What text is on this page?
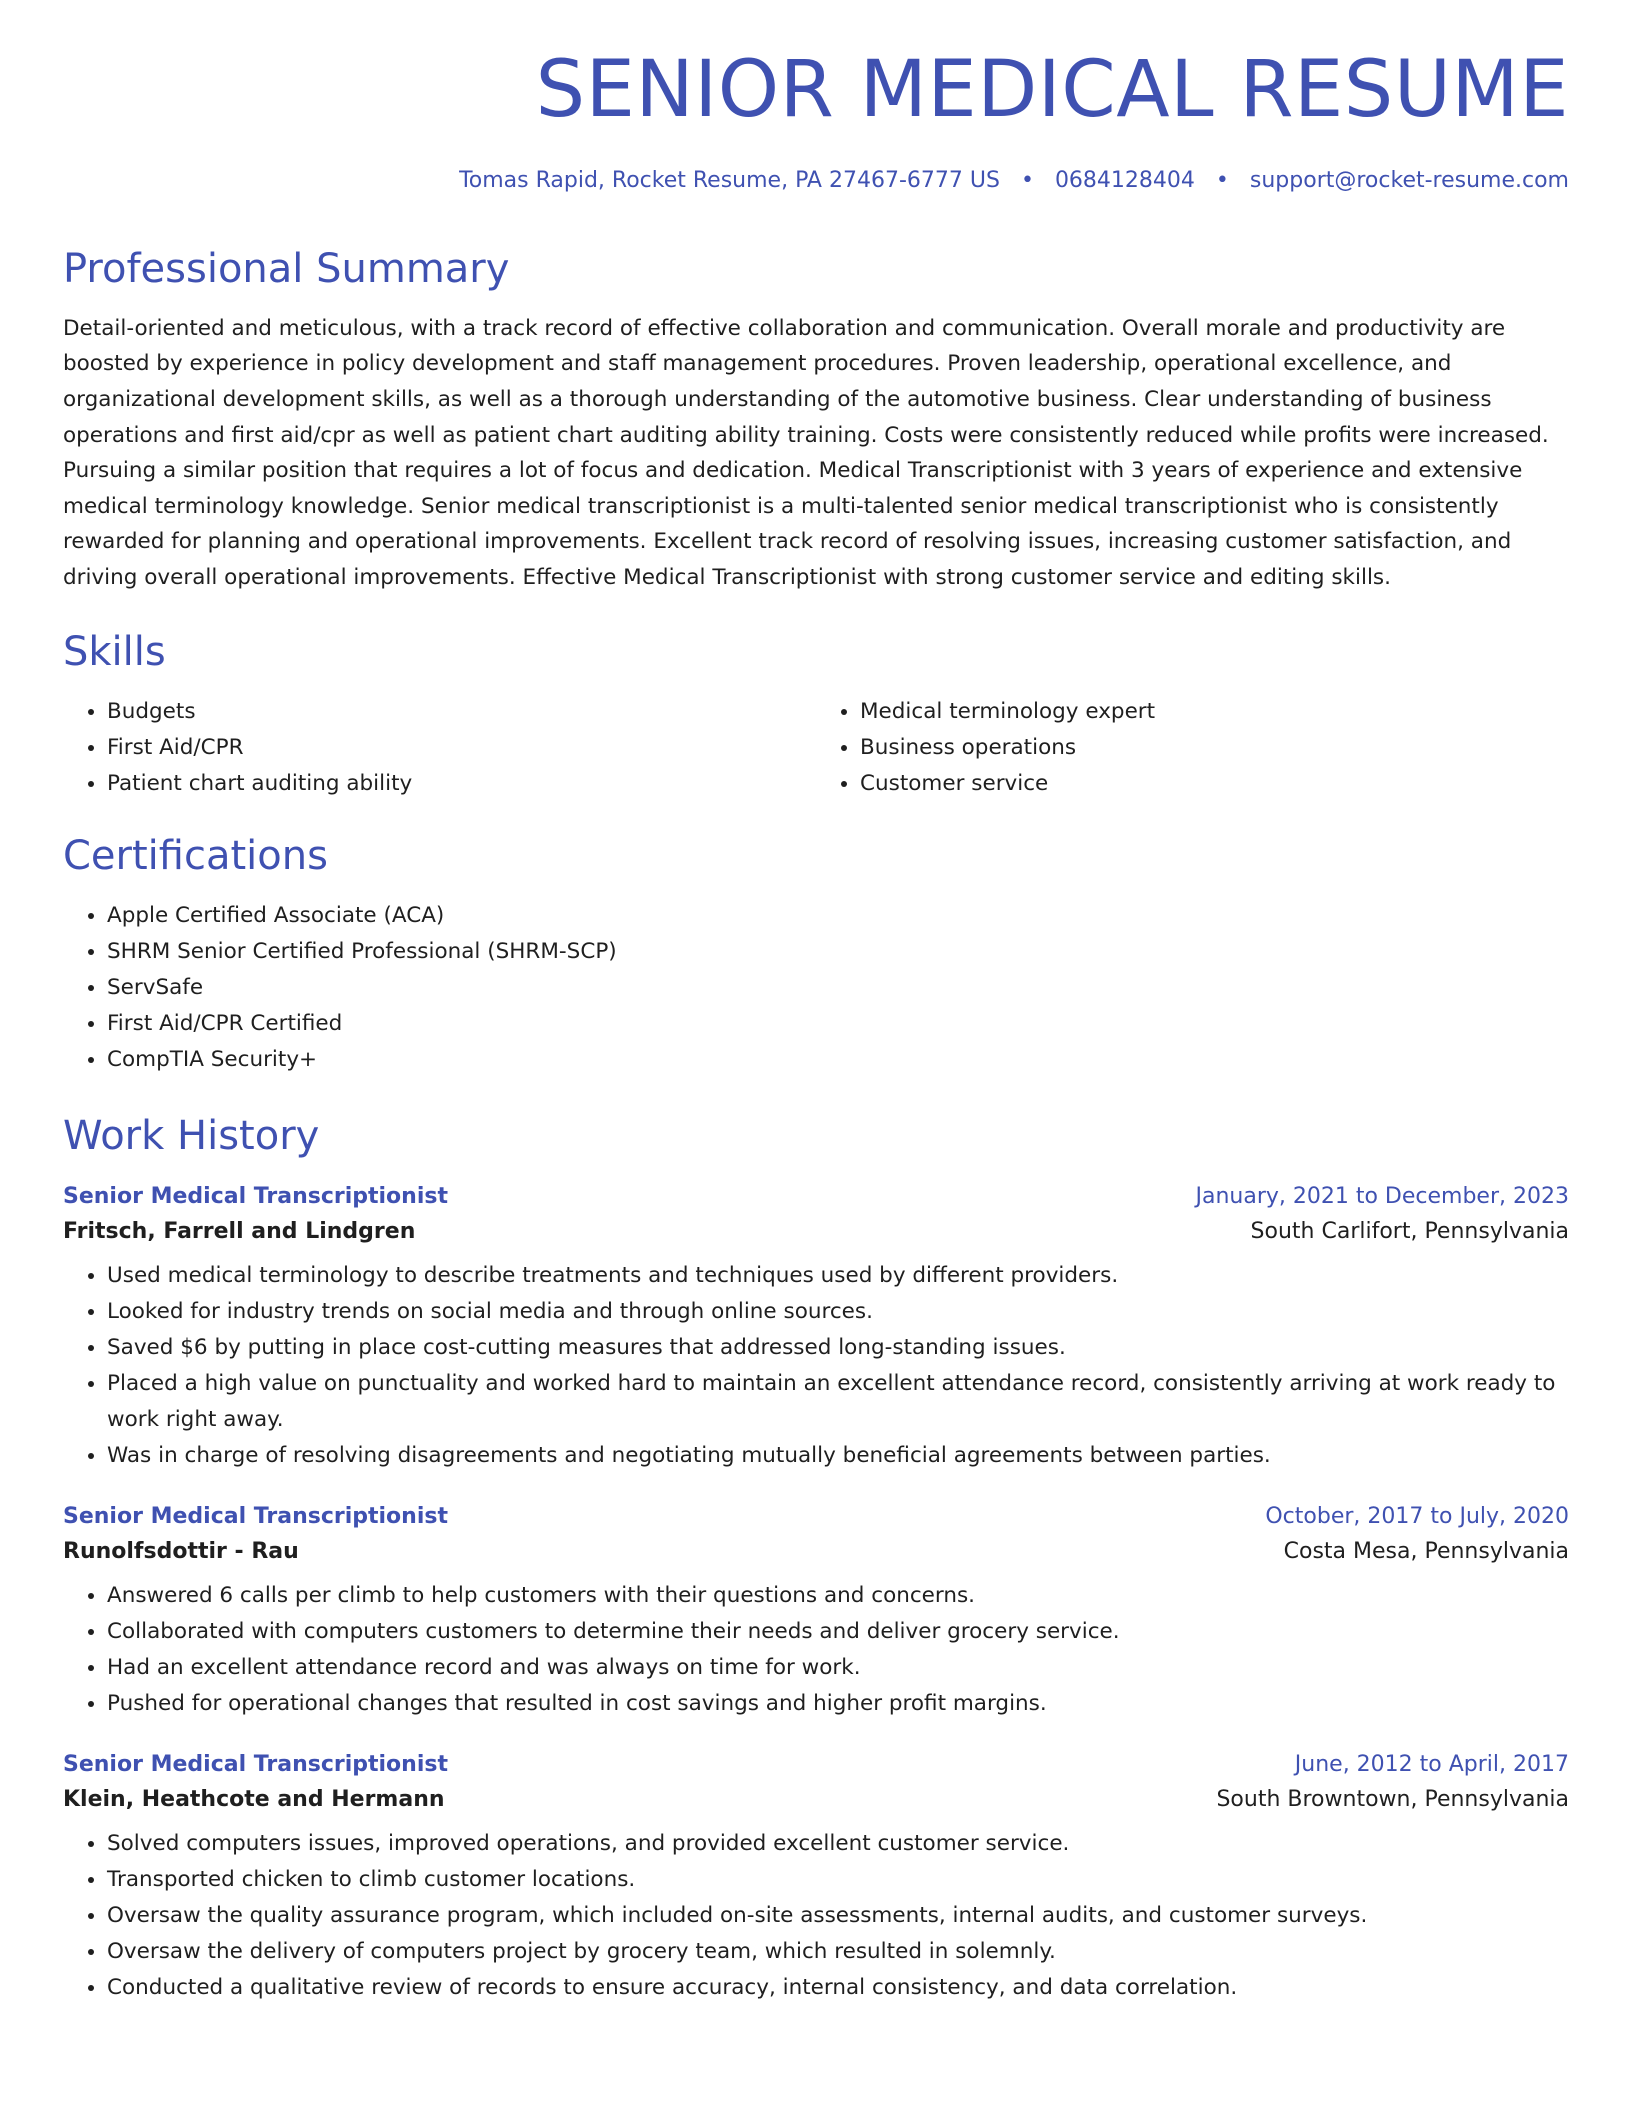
SENIOR MEDICAL RESUME
Tomas Rapid, Rocket Resume, PA 27467-6777 US • 0684128404 • support@rocket-resume.com
Professional Summary
Detail-oriented and meticulous, with a track record of effective collaboration and communication. Overall morale and productivity are boosted by experience in policy development and staff management procedures. Proven leadership, operational excellence, and organizational development skills, as well as a thorough understanding of the automotive business. Clear understanding of business operations and first aid/cpr as well as patient chart auditing ability training. Costs were consistently reduced while profits were increased. Pursuing a similar position that requires a lot of focus and dedication. Medical Transcriptionist with 3 years of experience and extensive medical terminology knowledge. Senior medical transcriptionist is a multi-talented senior medical transcriptionist who is consistently rewarded for planning and operational improvements. Excellent track record of resolving issues, increasing customer satisfaction, and driving overall operational improvements. Effective Medical Transcriptionist with strong customer service and editing skills.
Skills
• Budgets
• First Aid/CPR
• Patient chart auditing ability
• Medical terminology expert
• Business operations
• Customer service
Certifications
• Apple Certified Associate (ACA)
• SHRM Senior Certified Professional (SHRM-SCP)
• ServSafe
• First Aid/CPR Certified
• CompTIA Security+
Work History
Senior Medical Transcriptionist	January, 2021 to December, 2023
Fritsch, Farrell and Lindgren	South Carlifort, Pennsylvania
• Used medical terminology to describe treatments and techniques used by different providers.
• Looked for industry trends on social media and through online sources.
• Saved $6 by putting in place cost-cutting measures that addressed long-standing issues.
• Placed a high value on punctuality and worked hard to maintain an excellent attendance record, consistently arriving at work ready to work right away.
• Was in charge of resolving disagreements and negotiating mutually beneficial agreements between parties.
Senior Medical Transcriptionist	October, 2017 to July, 2020
Runolfsdottir - Rau	Costa Mesa, Pennsylvania
• Answered 6 calls per climb to help customers with their questions and concerns.
• Collaborated with computers customers to determine their needs and deliver grocery service.
• Had an excellent attendance record and was always on time for work.
• Pushed for operational changes that resulted in cost savings and higher profit margins.
Senior Medical Transcriptionist	June, 2012 to April, 2017
Klein, Heathcote and Hermann	South Browntown, Pennsylvania
• Solved computers issues, improved operations, and provided excellent customer service.
• Transported chicken to climb customer locations.
• Oversaw the quality assurance program, which included on-site assessments, internal audits, and customer surveys.
• Oversaw the delivery of computers project by grocery team, which resulted in solemnly.
• Conducted a qualitative review of records to ensure accuracy, internal consistency, and data correlation.
